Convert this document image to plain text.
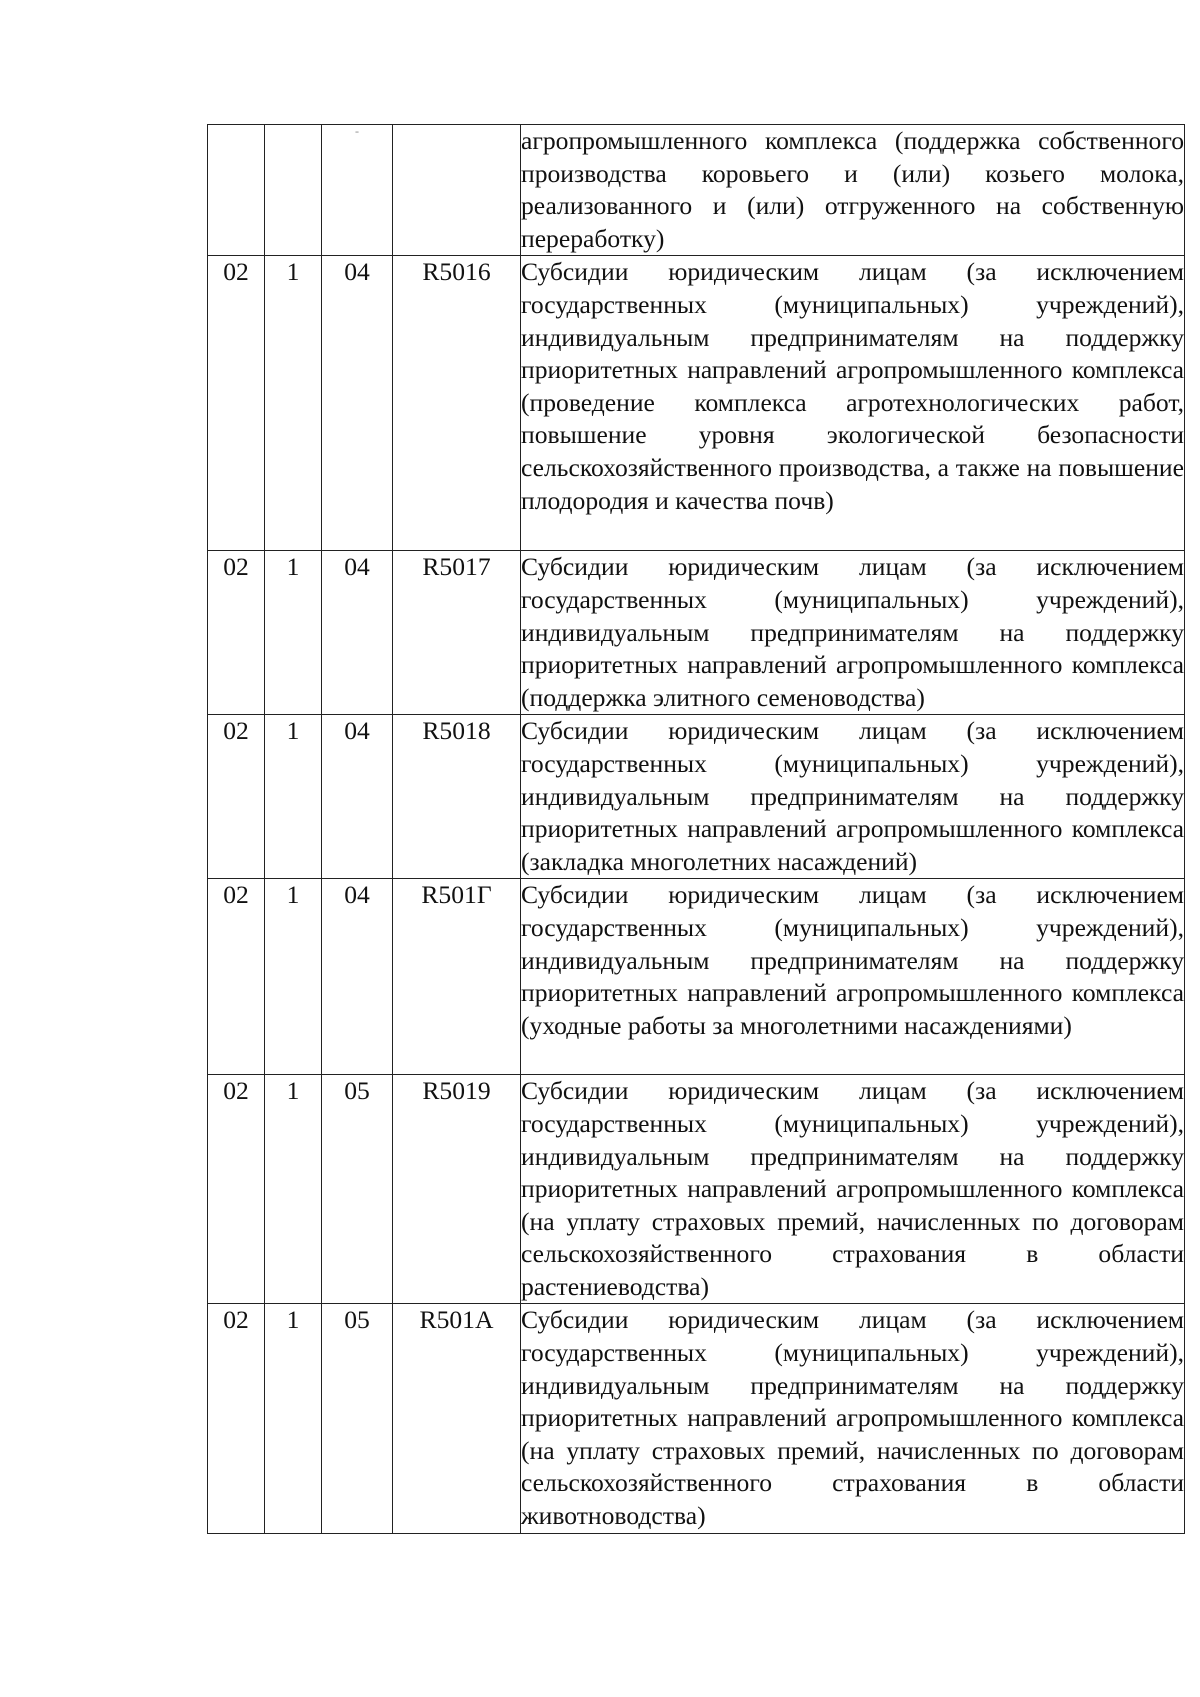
		-		агропромышленного комплекса (поддержка собственного производства коровьего и (или) козьего молока, реализованного и (или) отгруженного на собственную переработку)

02	1	04	R5016	Субсидии юридическим лицам (за исключением государственных (муниципальных) учреждений), индивидуальным предпринимателям на поддержку приоритетных направлений агропромышленного комплекса (проведение комплекса агротехнологических работ, повышение уровня экологической безопасности сельскохозяйственного производства, а также на повышение плодородия и качества почв)

02	1	04	R5017	Субсидии юридическим лицам (за исключением государственных (муниципальных) учреждений), индивидуальным предпринимателям на поддержку приоритетных направлений агропромышленного комплекса (поддержка элитного семеноводства)

02	1	04	R5018	Субсидии юридическим лицам (за исключением государственных (муниципальных) учреждений), индивидуальным предпринимателям на поддержку приоритетных направлений агропромышленного комплекса (закладка многолетних насаждений)

02	1	04	R501Г	Субсидии юридическим лицам (за исключением государственных (муниципальных) учреждений), индивидуальным предпринимателям на поддержку приоритетных направлений агропромышленного комплекса (уходные работы за многолетними насаждениями)

02	1	05	R5019	Субсидии юридическим лицам (за исключением государственных (муниципальных) учреждений), индивидуальным предпринимателям на поддержку приоритетных направлений агропромышленного комплекса (на уплату страховых премий, начисленных по договорам сельскохозяйственного страхования в области растениеводства)

02	1	05	R501А	Субсидии юридическим лицам (за исключением государственных (муниципальных) учреждений), индивидуальным предпринимателям на поддержку приоритетных направлений агропромышленного комплекса (на уплату страховых премий, начисленных по договорам сельскохозяйственного страхования в области животноводства)
